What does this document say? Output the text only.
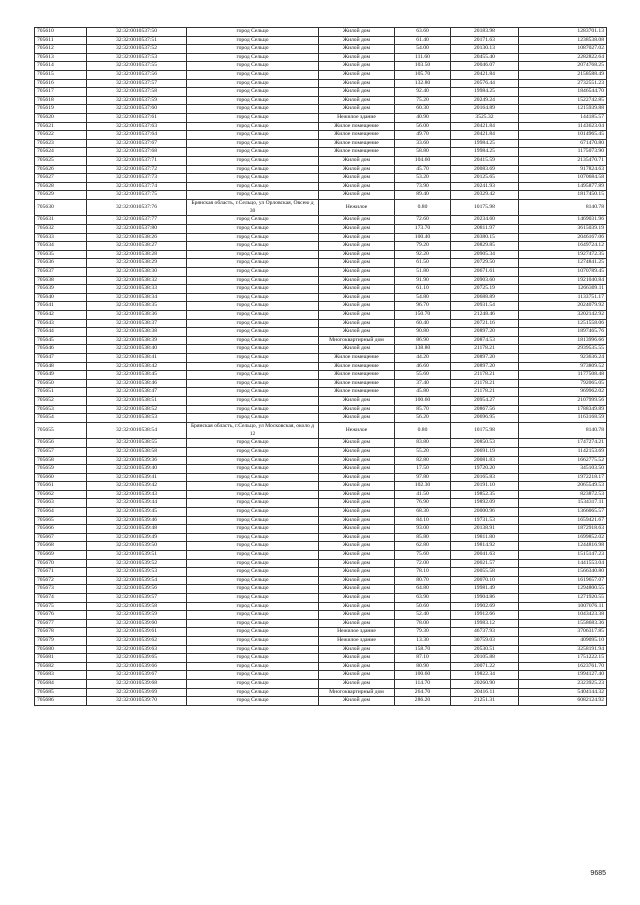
705610	32:32:0010537:50	город Сельцо	Жилой дом	63.60	20183.98	1283701.13
705611	32:32:0010537:51	город Сельцо	Жилой дом	61.40	20171.63	1238538.08
705612	32:32:0010537:52	город Сельцо	Жилой дом	54.00	20130.13	1087027.02
705613	32:32:0010537:53	город Сельцо	Жилой дом	111.60	20455.40	2282822.64
705614	32:32:0010537:55	город Сельцо	Жилой дом	103.50	20046.07	2074768.25
705615	32:32:0010537:56	город Сельцо	Жилой дом	105.70	20421.84	2158588.49
705616	32:32:0010537:57	город Сельцо	Жилой дом	132.80	20576.44	2732551.23
705617	32:32:0010537:58	город Сельцо	Жилой дом	92.40	19984.25	1846544.70
705618	32:32:0010537:59	город Сельцо	Жилой дом	75.20	20249.24	1522742.85
705619	32:32:0010537:60	город Сельцо	Жилой дом	60.30	20164.89	1215939.88
705620	32:32:0010537:61	город Сельцо	Нежилое здание	40.90	3525.32	144185.57
705621	32:32:0010537:63	город Сельцо	Жилое помещение	56.00	20421.84	1143623.04
705622	32:32:0010537:64	город Сельцо	Жилое помещение	49.70	20421.84	1014965.45
705623	32:32:0010537:67	город Сельцо	Жилое помещение	33.60	19984.25	671470.80
705624	32:32:0010537:68	город Сельцо	Жилое помещение	58.80	19984.25	1175073.90
705625	32:32:0010537:71	город Сельцо	Жилой дом	104.60	20415.59	2135470.71
705626	32:32:0010537:72	город Сельцо	Жилой дом	45.70	20083.69	917824.63
705627	32:32:0010537:73	город Сельцо	Жилой дом	53.20	20125.65	1070684.58
705628	32:32:0010537:74	город Сельцо	Жилой дом	73.90	20241.93	1495877.89
705629	32:32:0010537:75	город Сельцо	Жилой дом	89.40	20329.42	1817450.15
705630	32:32:0010537:76	Брянская область, г.Сельцо, ул Орловская, Овсею д 30	Нежилое	0.80	10175.98	8140.78
705631	32:32:0010537:77	город Сельцо	Жилой дом	72.60	20234.60	1469031.96
705632	32:32:0010537:80	город Сельцо	Жилой дом	173.70	20811.97	3615039.19
705633	32:32:0010538:26	город Сельцо	Жилой дом	100.40	20380.15	2046167.06
705634	32:32:0010538:27	город Сельцо	Жилой дом	79.20	20829.85	1649724.12
705635	32:32:0010538:28	город Сельцо	Жилой дом	92.20	20905.34	1927472.35
705636	32:32:0010538:29	город Сельцо	Жилой дом	61.50	20729.50	1274841.25
705637	32:32:0010538:30	город Сельцо	Жилой дом	51.80	20671.61	1070789.45
705638	32:32:0010538:32	город Сельцо	Жилой дом	91.90	20903.60	1921040.84
705639	32:32:0010538:33	город Сельцо	Жилой дом	61.10	20725.19	1266309.11
705640	32:32:0010538:34	город Сельцо	Жилой дом	54.80	20688.89	1133751.17
705641	32:32:0010538:35	город Сельцо	Жилой дом	96.70	20931.54	2024079.92
705642	32:32:0010538:36	город Сельцо	Жилой дом	150.70	21248.46	3202142.92
705643	32:32:0010538:37	город Сельцо	Жилой дом	60.40	20721.16	1251558.06
705644	32:32:0010538:38	город Сельцо	Жилой дом	90.80	20897.20	1897465.76
705645	32:32:0010538:39	город Сельцо	Многоквартирный дом	86.90	20874.53	1813996.66
705646	32:32:0010538:40	город Сельцо	Жилой дом	138.80	21178.21	2939535.55
705647	32:32:0010538:41	город Сельцо	Жилое помещение	44.20	20897.20	923636.24
705648	32:32:0010538:42	город Сельцо	Жилое помещение	46.60	20897.20	973809.52
705649	32:32:0010538:45	город Сельцо	Жилое помещение	55.60	21178.21	1177508.48
705650	32:32:0010538:46	город Сельцо	Жилое помещение	37.40	21178.21	792065.05
705651	32:32:0010538:47	город Сельцо	Жилое помещение	45.80	21178.21	969962.02
705652	32:32:0010538:51	город Сельцо	Жилой дом	100.60	20954.27	2107999.56
705653	32:32:0010538:52	город Сельцо	Жилой дом	85.70	20867.56	1788349.89
705654	32:32:0010538:53	город Сельцо	Жилой дом	56.20	20696.95	1163168.59
705655	32:32:0010538:54	Брянская область, г.Сельцо, ул Московская, около д 12	Нежилое	0.80	10175.98	8140.78
705656	32:32:0010538:55	город Сельцо	Жилой дом	83.80	20850.53	1747274.21
705657	32:32:0010538:58	город Сельцо	Жилой дом	55.20	20691.19	1142153.69
705658	32:32:0010539:36	город Сельцо	Жилой дом	82.80	20081.83	1662775.52
705659	32:32:0010539:40	город Сельцо	Жилой дом	17.50	19720.20	345103.50
705660	32:32:0010539:41	город Сельцо	Жилой дом	97.80	20165.83	1972218.17
705661	32:32:0010539:42	город Сельцо	Жилой дом	102.30	20191.10	2065549.53
705662	32:32:0010539:43	город Сельцо	Жилой дом	41.50	19852.35	823872.53
705663	32:32:0010539:44	город Сельцо	Жилой дом	76.90	19892.09	1534317.11
705664	32:32:0010539:45	город Сельцо	Жилой дом	68.30	20000.96	1366065.57
705665	32:32:0010539:46	город Сельцо	Жилой дом	84.10	19731.53	1659421.67
705666	32:32:0010539:48	город Сельцо	Жилой дом	93.00	20138.91	1872918.63
705667	32:32:0010539:49	город Сельцо	Жилой дом	85.80	19811.80	1699852.02
705668	32:32:0010539:50	город Сельцо	Жилой дом	62.80	19814.92	1244816.98
705669	32:32:0010539:51	город Сельцо	Жилой дом	75.60	20041.63	1515147.23
705670	32:32:0010539:52	город Сельцо	Жилой дом	72.00	20021.57	1441553.04
705671	32:32:0010539:53	город Сельцо	Жилой дом	78.10	20055.58	1566340.80
705672	32:32:0010539:54	город Сельцо	Жилой дом	80.70	20070.10	1619657.07
705673	32:32:0010539:56	город Сельцо	Жилой дом	64.80	19981.49	1294800.55
705674	32:32:0010539:57	город Сельцо	Жилой дом	63.90	19904.86	1271920.55
705675	32:32:0010539:58	город Сельцо	Жилой дом	50.60	19902.69	1007076.11
705676	32:32:0010539:59	город Сельцо	Жилой дом	52.40	19912.66	1043423.38
705677	32:32:0010539:60	город Сельцо	Жилой дом	78.00	19983.12	1558683.36
705678	32:32:0010539:61	город Сельцо	Нежилое здание	79.30	46737.93	3706317.85
705679	32:32:0010539:62	город Сельцо	Нежилое здание	13.30	30759.03	409095.10
705680	32:32:0010539:63	город Сельцо	Жилой дом	158.70	20530.51	3258191.94
705681	32:32:0010539:65	город Сельцо	Жилой дом	87.10	20105.88	1751222.15
705682	32:32:0010539:66	город Сельцо	Жилой дом	80.90	20071.22	1623761.70
705683	32:32:0010539:67	город Сельцо	Жилой дом	100.60	19822.34	1994127.40
705684	32:32:0010539:68	город Сельцо	Жилой дом	114.70	20260.90	2323925.23
705685	32:32:0010539:69	город Сельцо	Многоквартирный дом	264.70	20416.11	5404144.32
705686	32:32:0010539:70	город Сельцо	Жилой дом	286.20	21251.31	6082124.92
9685
